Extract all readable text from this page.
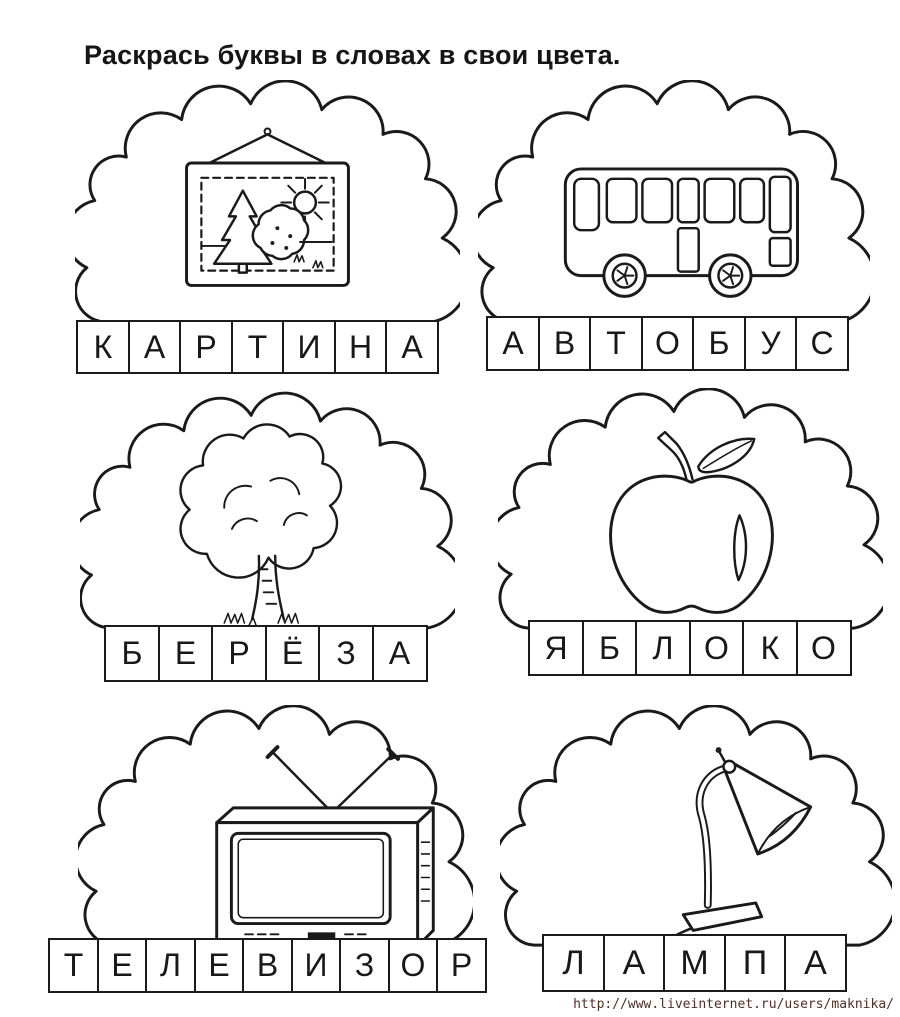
Раскрась буквы в словах в свои цвета.
К А Р Т И Н А	А В Т О Б У С
Б	Е	Р	Ё	З	А	Я Б	Л О К О
Т Е Л Е В И З О Р	Л	А	М	П	А
http://www.liveinternet.ru/users/maknika/
